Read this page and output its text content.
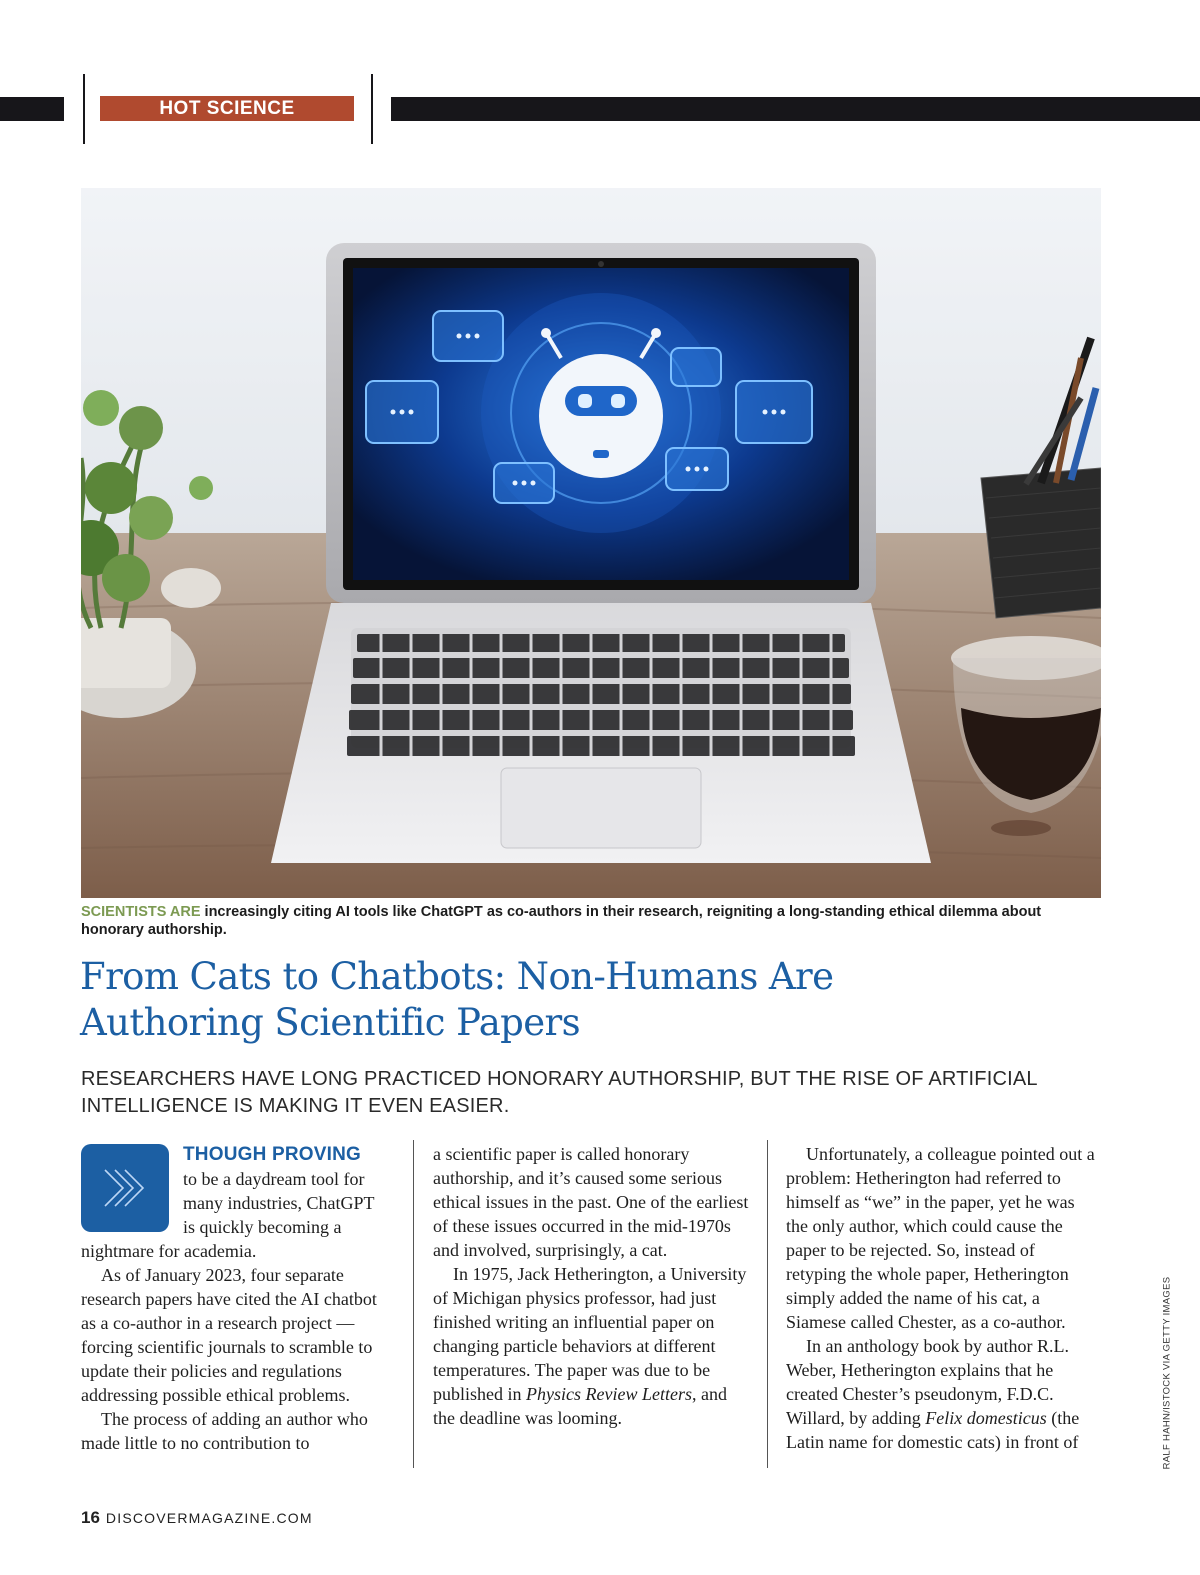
HOT SCIENCE
SCIENTISTS ARE increasingly citing AI tools like ChatGPT as co-authors in their research, reigniting a long-standing ethical dilemma about honorary authorship.
From Cats to Chatbots: Non-Humans Are
Authoring Scientific Papers
RESEARCHERS HAVE LONG PRACTICED HONORARY AUTHORSHIP, BUT THE RISE OF ARTIFICIAL
INTELLIGENCE IS MAKING IT EVEN EASIER.

THOUGH PROVING
to be a daydream tool for many industries, ChatGPT is quickly becoming a nightmare for academia.

As of January 2023, four separate research papers have cited the AI chatbot as a co-author in a research project — forcing scientific journals to scramble to update their policies and regulations addressing possible ethical problems.

The process of adding an author who made little to no contribution to

a scientific paper is called honorary authorship, and it’s caused some serious ethical issues in the past. One of the earliest of these issues occurred in the mid-1970s and involved, surprisingly, a cat.

In 1975, Jack Hetherington, a University of Michigan physics professor, had just finished writing an influential paper on changing particle behaviors at different temperatures. The paper was due to be published in Physics Review Letters, and the deadline was looming.

Unfortunately, a colleague pointed out a problem: Hetherington had referred to himself as “we” in the paper, yet he was the only author, which could cause the paper to be rejected. So, instead of retyping the whole paper, Hetherington simply added the name of his cat, a Siamese called Chester, as a co-author.

In an anthology book by author R.L. Weber, Hetherington explains that he created Chester’s pseudonym, F.D.C. Willard, by adding Felix domesticus (the Latin name for domestic cats) in front of	RALF HAHN/ISTOCK VIA GETTY IMAGES
16 DISCOVERMAGAZINE.COM
